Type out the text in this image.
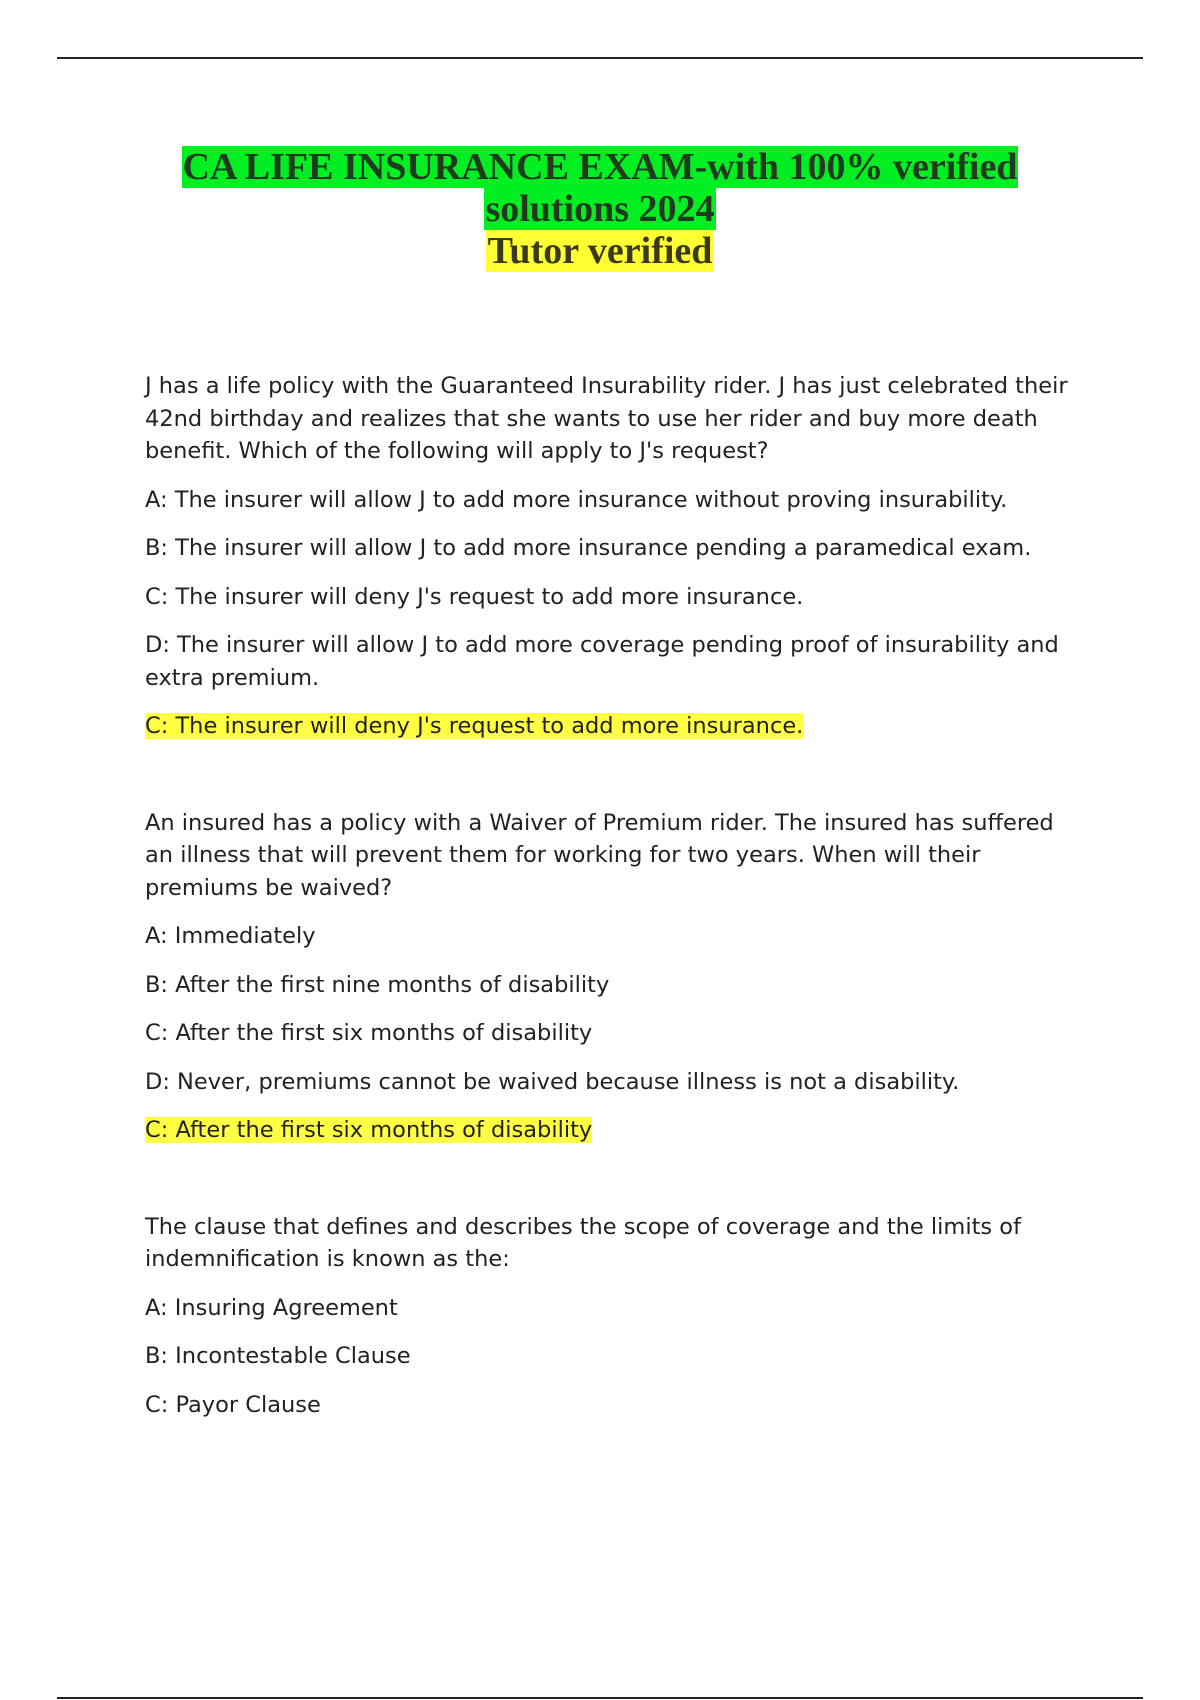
CA LIFE INSURANCE EXAM-with 100% verified
solutions 2024
Tutor verified

J has a life policy with the Guaranteed Insurability rider. J has just celebrated their 42nd birthday and realizes that she wants to use her rider and buy more death benefit. Which of the following will apply to J's request?

A: The insurer will allow J to add more insurance without proving insurability.

B: The insurer will allow J to add more insurance pending a paramedical exam.

C: The insurer will deny J's request to add more insurance.

D: The insurer will allow J to add more coverage pending proof of insurability and extra premium.

C: The insurer will deny J's request to add more insurance.

An insured has a policy with a Waiver of Premium rider. The insured has suffered an illness that will prevent them for working for two years. When will their premiums be waived?

A: Immediately

B: After the first nine months of disability

C: After the first six months of disability

D: Never, premiums cannot be waived because illness is not a disability.

C: After the first six months of disability

The clause that defines and describes the scope of coverage and the limits of indemnification is known as the:

A: Insuring Agreement

B: Incontestable Clause

C: Payor Clause
